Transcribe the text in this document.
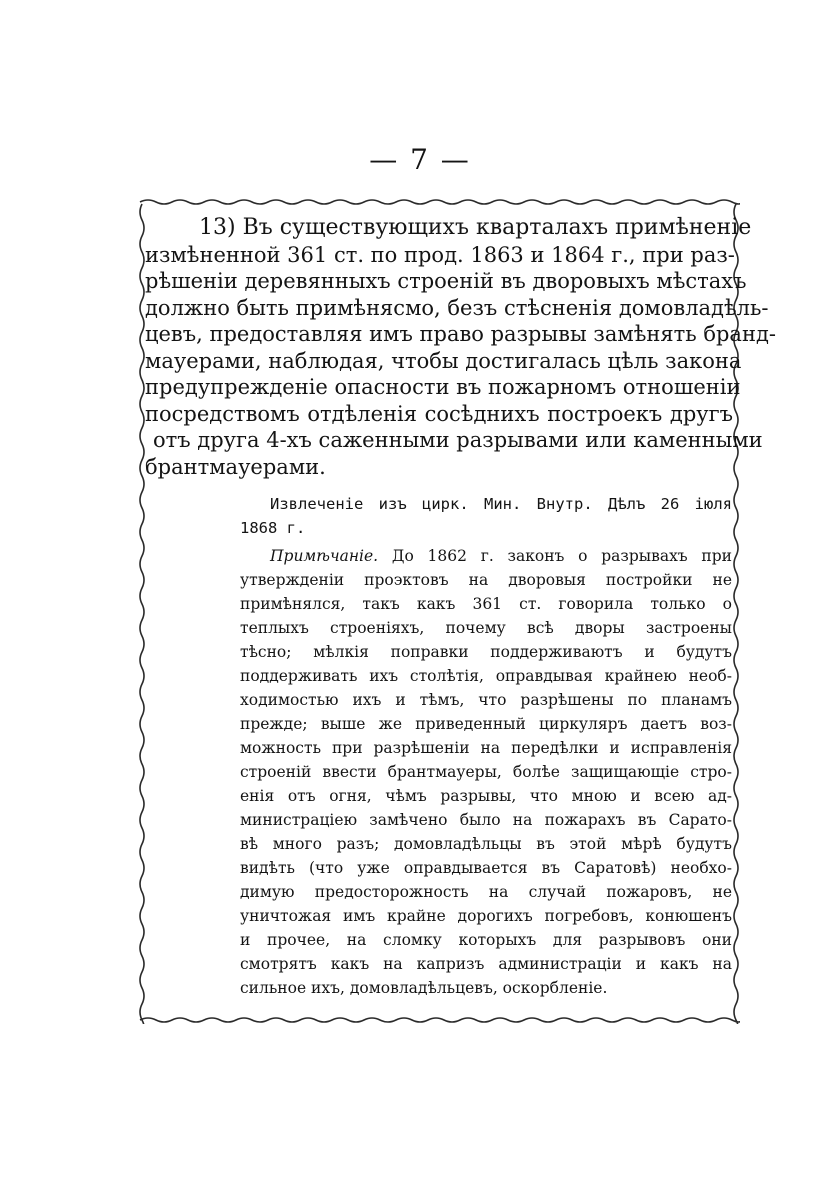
— 7 —
13) Въ существующихъ кварталахъ примѣненіе
измѣненной 361 ст. по прод. 1863 и 1864 г., при раз-
рѣшеніи деревянныхъ строеній въ дворовыхъ мѣстахъ
должно быть примѣнясмо, безъ стѣсненія домовладѣль-
цевъ, предоставляя имъ право разрывы замѣнять бранд-
мауерами, наблюдая, чтобы достигалась цѣль закона
предупрежденіе опасности въ пожарномъ отношеніи
посредствомъ отдѣленія сосѣднихъ построекъ другъ
отъ друга 4-хъ саженными разрывами или каменными
брантмауерами.
Извлеченіе изъ цирк. Мин. Внутр. Дѣлъ 26 іюля
1868 г.
Примѣчаніе. До 1862 г. законъ о разрывахъ при
утвержденіи проэктовъ на дворовыя постройки не
примѣнялся, такъ какъ 361 ст. говорила только о
теплыхъ строеніяхъ, почему всѣ дворы застроены
тѣсно; мѣлкія поправки поддерживаютъ и будутъ
поддерживать ихъ столѣтія, оправдывая крайнею необ-
ходимостью ихъ и тѣмъ, что разрѣшены по планамъ
прежде; выше же приведенный циркуляръ даетъ воз-
можность при разрѣшеніи на передѣлки и исправленія
строеній ввести брантмауеры, болѣе защищающіе стро-
енія отъ огня, чѣмъ разрывы, что мною и всею ад-
министраціею замѣчено было на пожарахъ въ Сарато-
вѣ много разъ; домовладѣльцы въ этой мѣрѣ будутъ
видѣть (что уже оправдывается въ Саратовѣ) необхо-
димую предосторожность на случай пожаровъ, не
уничтожая имъ крайне дорогихъ погребовъ, конюшенъ
и прочее, на сломку которыхъ для разрывовъ они
смотрятъ какъ на капризъ администраціи и какъ на
сильное ихъ, домовладѣльцевъ, оскорбленіе.
